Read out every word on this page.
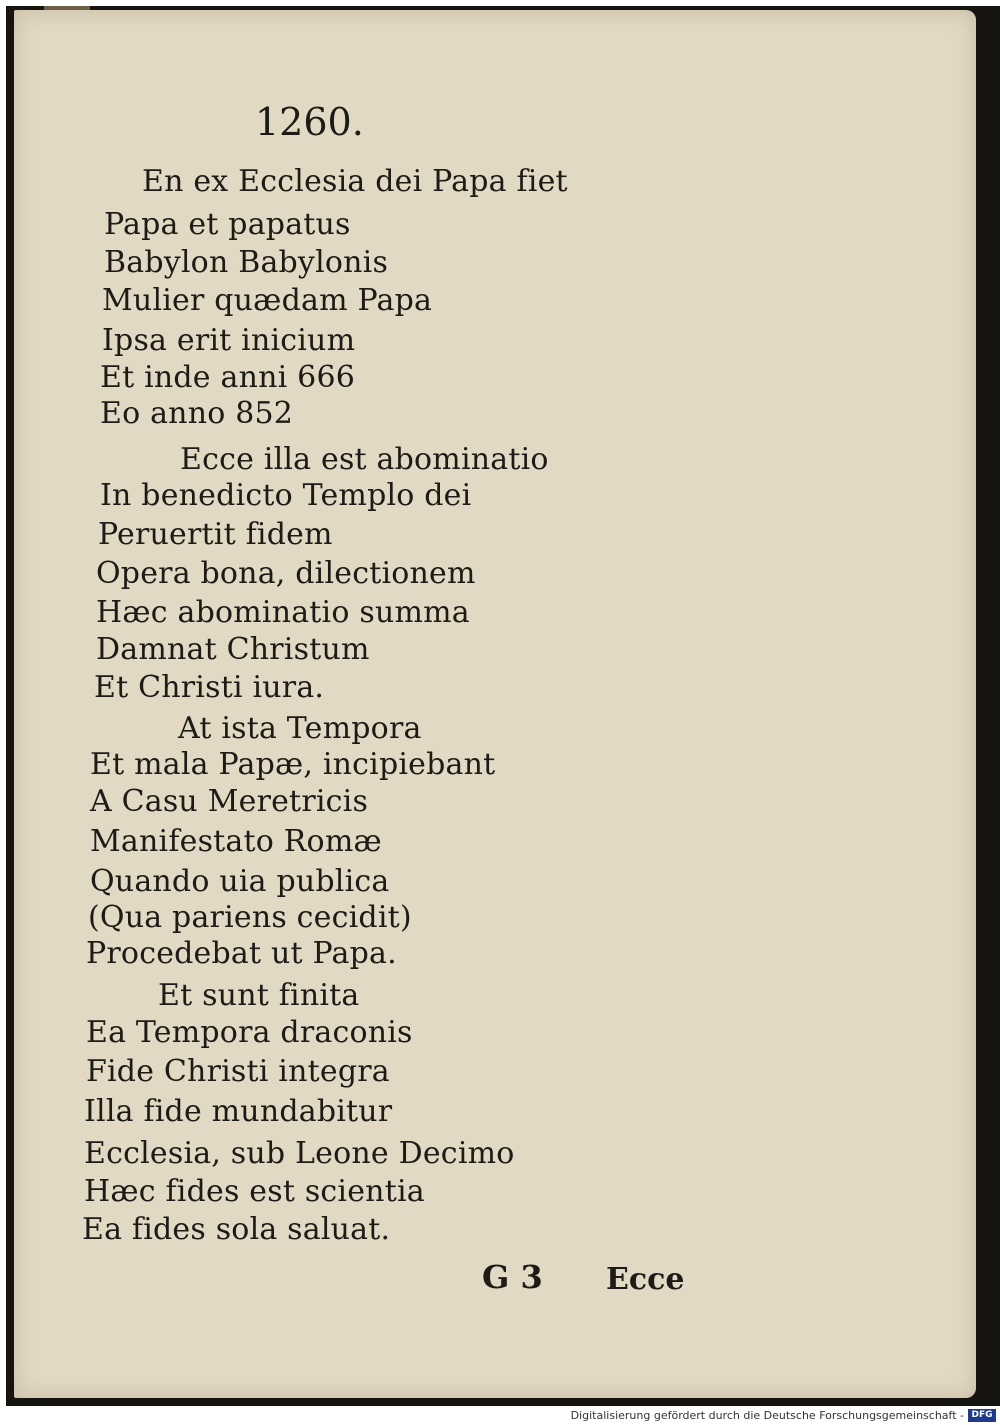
1260.
En ex Ecclesia dei Papa fiet
Papa et papatus
Babylon Babylonis
Mulier quædam Papa
Ipsa erit inicium
Et inde anni 666
Eo anno 852
Ecce illa est abominatio
In benedicto Templo dei
Peruertit fidem
Opera bona, dilectionem
Hæc abominatio summa
Damnat Christum
Et Christi iura.
At ista Tempora
Et mala Papæ, incipiebant
A Casu Meretricis
Manifestato Romæ
Quando uia publica
(Qua pariens cecidit)
Procedebat ut Papa.
Et sunt finita
Ea Tempora draconis
Fide Christi integra
Illa fide mundabitur
Ecclesia, sub Leone Decimo
Hæc fides est scientia
Ea fides sola saluat.
G 3 Ecce
Digitalisierung gefördert durch die Deutsche Forschungsgemeinschaft - DFG
